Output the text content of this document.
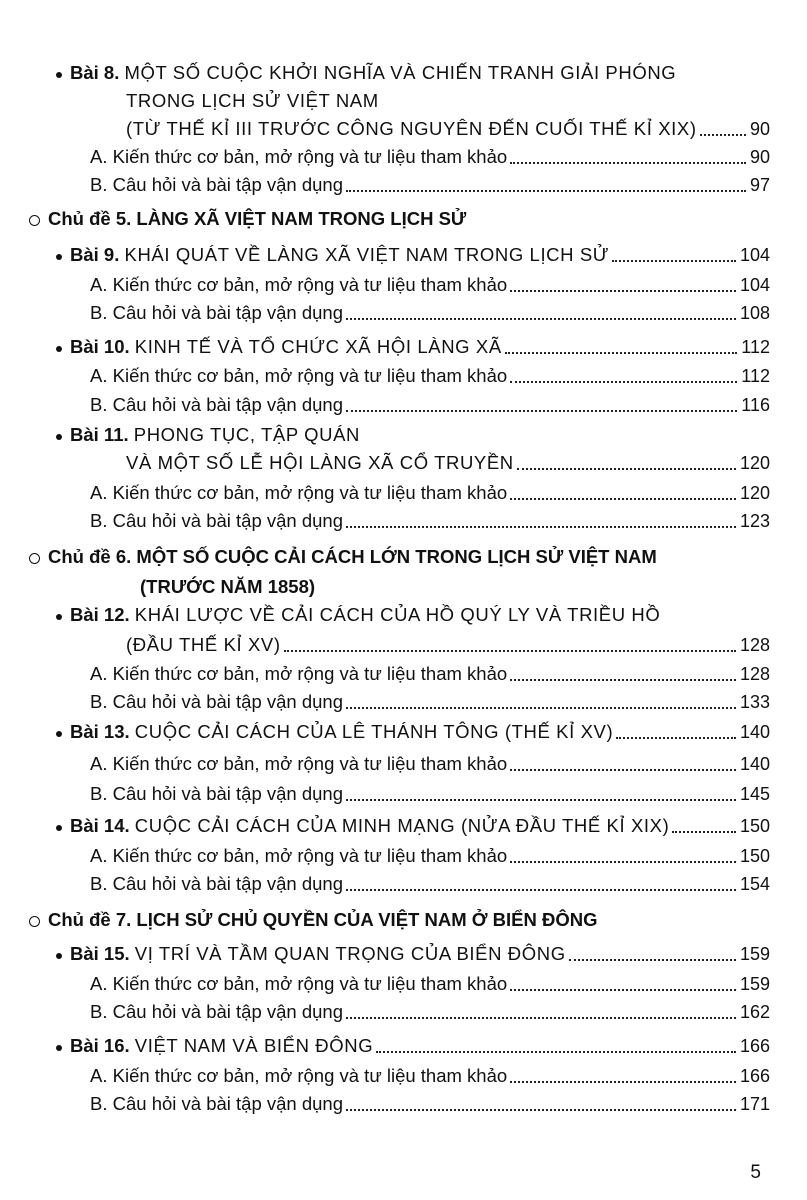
Bài 8. MỘT SỐ CUỘC KHỞI NGHĨA VÀ CHIẾN TRANH GIẢI PHÓNG
TRONG LỊCH SỬ VIỆT NAM
(TỪ THẾ KỈ III TRƯỚC CÔNG NGUYÊN ĐẾN CUỐI THẾ KỈ XIX)	90
A. Kiến thức cơ bản, mở rộng và tư liệu tham khảo	90
B. Câu hỏi và bài tập vận dụng	97
Chủ đề 5. LÀNG XÃ VIỆT NAM TRONG LỊCH SỬ
Bài 9. KHÁI QUÁT VỀ LÀNG XÃ VIỆT NAM TRONG LỊCH SỬ	104
A. Kiến thức cơ bản, mở rộng và tư liệu tham khảo	104
B. Câu hỏi và bài tập vận dụng	108
Bài 10. KINH TẾ VÀ TỔ CHỨC XÃ HỘI LÀNG XÃ	112
A. Kiến thức cơ bản, mở rộng và tư liệu tham khảo	112
B. Câu hỏi và bài tập vận dụng	116
Bài 11. PHONG TỤC, TẬP QUÁN
VÀ MỘT SỐ LỄ HỘI LÀNG XÃ CỔ TRUYỀN	120
A. Kiến thức cơ bản, mở rộng và tư liệu tham khảo	120
B. Câu hỏi và bài tập vận dụng	123
Chủ đề 6. MỘT SỐ CUỘC CẢI CÁCH LỚN TRONG LỊCH SỬ VIỆT NAM
(TRƯỚC NĂM 1858)
Bài 12. KHÁI LƯỢC VỀ CẢI CÁCH CỦA HỒ QUÝ LY VÀ TRIỀU HỒ
(ĐẦU THẾ KỈ XV)	128
A. Kiến thức cơ bản, mở rộng và tư liệu tham khảo	128
B. Câu hỏi và bài tập vận dụng	133
Bài 13. CUỘC CẢI CÁCH CỦA LÊ THÁNH TÔNG (THẾ KỈ XV)	140
A. Kiến thức cơ bản, mở rộng và tư liệu tham khảo	140
B. Câu hỏi và bài tập vận dụng	145
Bài 14. CUỘC CẢI CÁCH CỦA MINH MẠNG (NỬA ĐẦU THẾ KỈ XIX)	150
A. Kiến thức cơ bản, mở rộng và tư liệu tham khảo	150
B. Câu hỏi và bài tập vận dụng	154
Chủ đề 7. LỊCH SỬ CHỦ QUYỀN CỦA VIỆT NAM Ở BIỂN ĐÔNG
Bài 15. VỊ TRÍ VÀ TẦM QUAN TRỌNG CỦA BIỂN ĐÔNG	159
A. Kiến thức cơ bản, mở rộng và tư liệu tham khảo	159
B. Câu hỏi và bài tập vận dụng	162
Bài 16. VIỆT NAM VÀ BIỂN ĐÔNG	166
A. Kiến thức cơ bản, mở rộng và tư liệu tham khảo	166
B. Câu hỏi và bài tập vận dụng	171
5
